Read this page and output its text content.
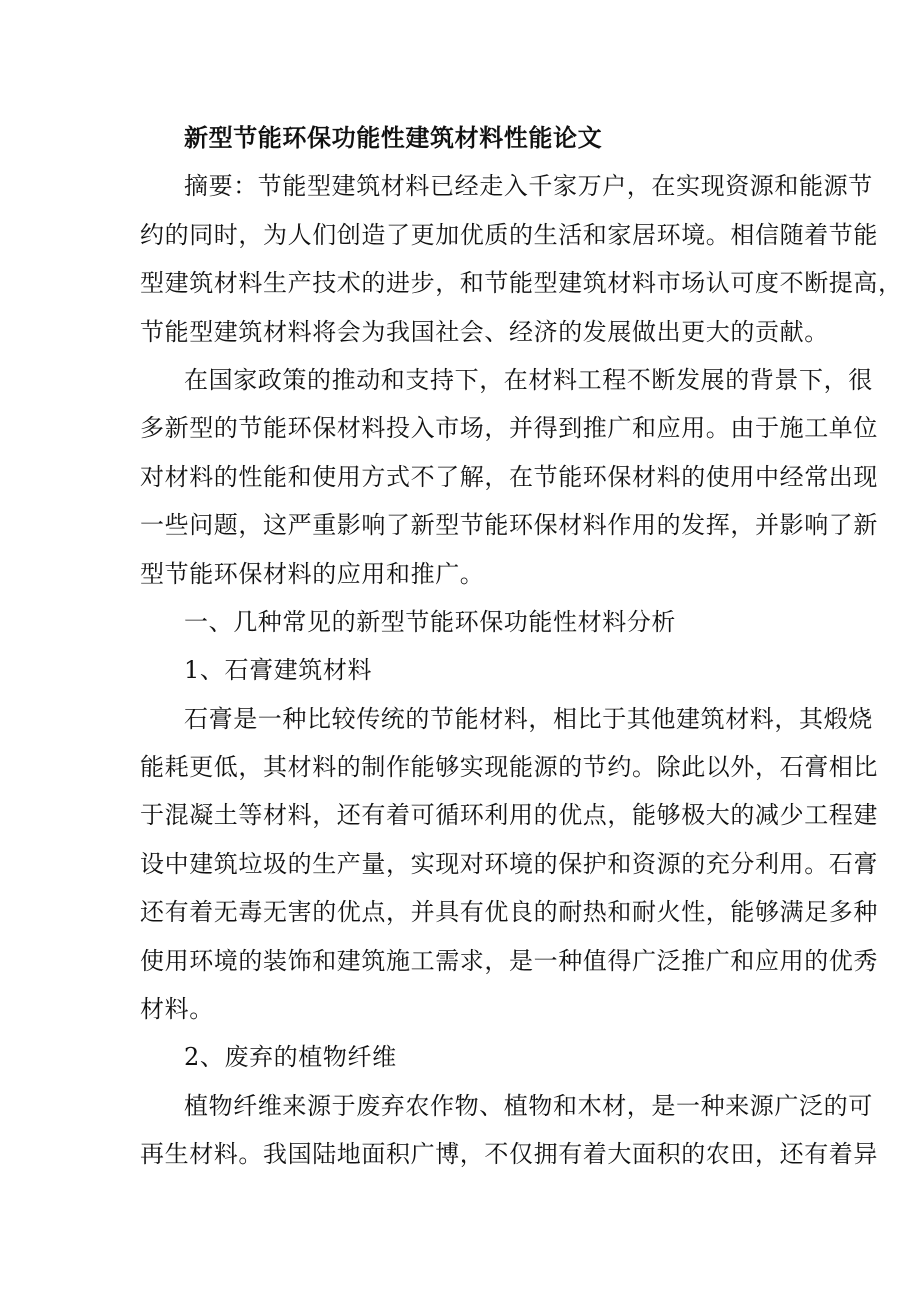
新型节能环保功能性建筑材料性能论文
摘要：节能型建筑材料已经走入千家万户，在实现资源和能源节
约的同时，为人们创造了更加优质的生活和家居环境。相信随着节能
型建筑材料生产技术的进步，和节能型建筑材料市场认可度不断提高，
节能型建筑材料将会为我国社会、经济的发展做出更大的贡献。
在国家政策的推动和支持下，在材料工程不断发展的背景下，很
多新型的节能环保材料投入市场，并得到推广和应用。由于施工单位
对材料的性能和使用方式不了解，在节能环保材料的使用中经常出现
一些问题，这严重影响了新型节能环保材料作用的发挥，并影响了新
型节能环保材料的应用和推广。
一、几种常见的新型节能环保功能性材料分析
1、石膏建筑材料
石膏是一种比较传统的节能材料，相比于其他建筑材料，其煅烧
能耗更低，其材料的制作能够实现能源的节约。除此以外，石膏相比
于混凝土等材料，还有着可循环利用的优点，能够极大的减少工程建
设中建筑垃圾的生产量，实现对环境的保护和资源的充分利用。石膏
还有着无毒无害的优点，并具有优良的耐热和耐火性，能够满足多种
使用环境的装饰和建筑施工需求，是一种值得广泛推广和应用的优秀
材料。
2、废弃的植物纤维
植物纤维来源于废弃农作物、植物和木材，是一种来源广泛的可
再生材料。我国陆地面积广博，不仅拥有着大面积的农田，还有着异
